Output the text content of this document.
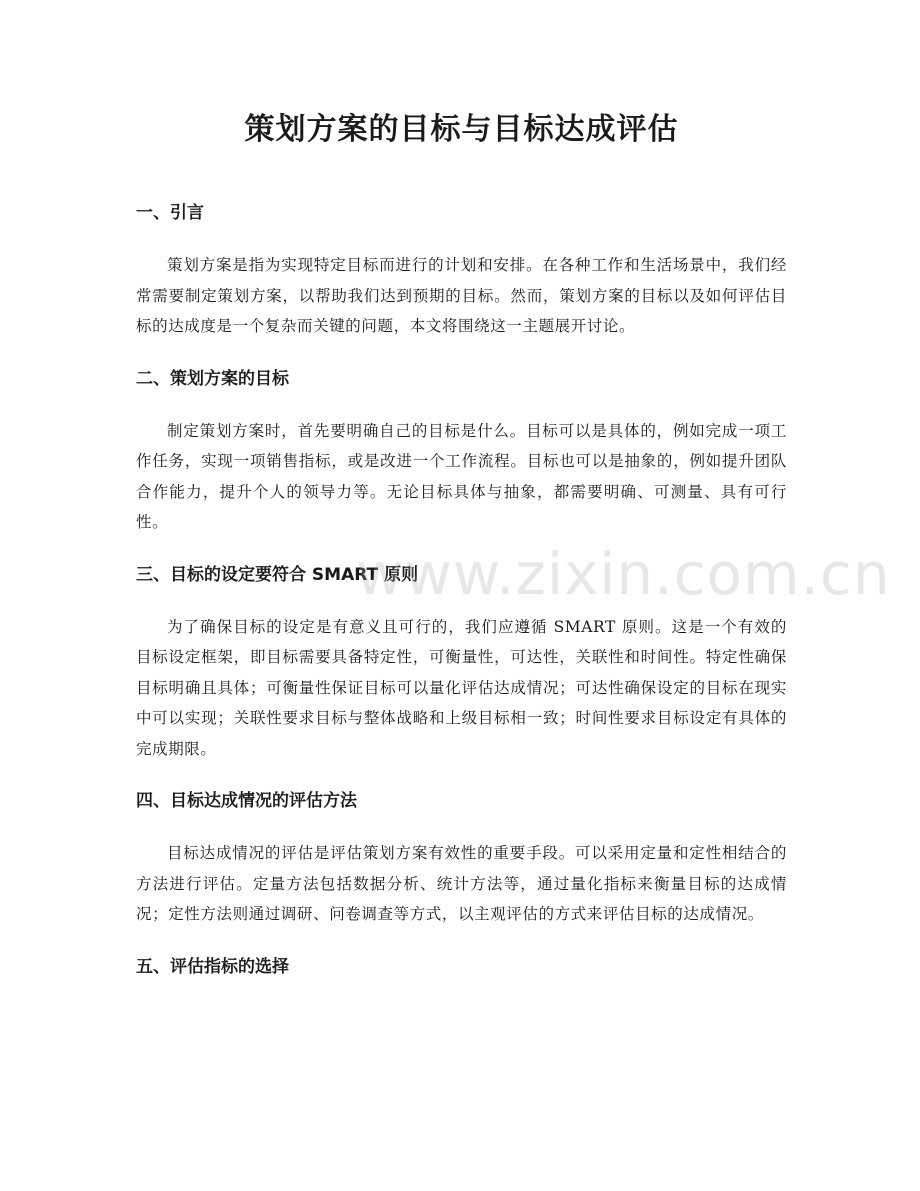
策划方案的目标与目标达成评估
一、引言

策划方案是指为实现特定目标而进行的计划和安排。在各种工作和生活场景中，我们经常需要制定策划方案，以帮助我们达到预期的目标。然而，策划方案的目标以及如何评估目标的达成度是一个复杂而关键的问题，本文将围绕这一主题展开讨论。

二、策划方案的目标

制定策划方案时，首先要明确自己的目标是什么。目标可以是具体的，例如完成一项工作任务，实现一项销售指标，或是改进一个工作流程。目标也可以是抽象的，例如提升团队合作能力，提升个人的领导力等。无论目标具体与抽象，都需要明确、可测量、具有可行性。

三、目标的设定要符合 SMART 原则

为了确保目标的设定是有意义且可行的，我们应遵循 SMART 原则。这是一个有效的目标设定框架，即目标需要具备特定性，可衡量性，可达性，关联性和时间性。特定性确保目标明确且具体；可衡量性保证目标可以量化评估达成情况；可达性确保设定的目标在现实中可以实现；关联性要求目标与整体战略和上级目标相一致；时间性要求目标设定有具体的完成期限。

四、目标达成情况的评估方法

目标达成情况的评估是评估策划方案有效性的重要手段。可以采用定量和定性相结合的方法进行评估。定量方法包括数据分析、统计方法等，通过量化指标来衡量目标的达成情况；定性方法则通过调研、问卷调查等方式，以主观评估的方式来评估目标的达成情况。

五、评估指标的选择
www.zixin.com.cn
